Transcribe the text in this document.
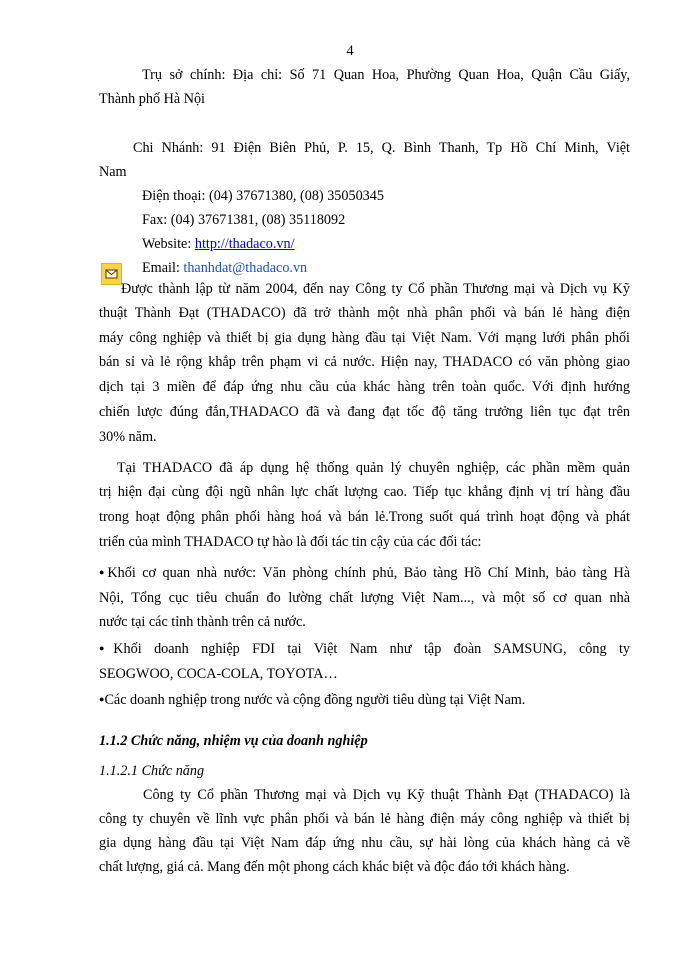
4
Trụ sở chính: Địa chỉ: Số 71 Quan Hoa, Phường Quan Hoa, Quận Cầu Giấy,
Thành phố Hà Nội
Chi Nhánh: 91 Điện Biên Phủ, P. 15, Q. Bình Thanh, Tp Hồ Chí Minh, Việt
Nam
Điện thoại: (04) 37671380, (08) 35050345
Fax: (04) 37671381, (08) 35118092
Website: http://thadaco.vn/
Email: thanhdat@thadaco.vn
Được thành lập từ năm 2004, đến nay Công ty Cổ phần Thương mại và Dịch vụ Kỹ
thuật Thành Đạt (THADACO) đã trở thành một nhà phân phối và bán lẻ hàng điện
máy công nghiệp và thiết bị gia dụng hàng đầu tại Việt Nam. Với mạng lưới phân phối
bán sỉ và lẻ rộng khắp trên phạm vi cả nước. Hiện nay, THADACO có văn phòng giao
dịch tại 3 miền để đáp ứng nhu cầu của khác hàng trên toàn quốc. Với định hướng
chiến lược đúng đắn,THADACO đã và đang đạt tốc độ tăng trưởng liên tục đạt trên
30% năm.
Tại THADACO đã áp dụng hệ thống quản lý chuyên nghiệp, các phần mềm quản
trị hiện đại cùng đội ngũ nhân lực chất lượng cao. Tiếp tục khẳng định vị trí hàng đầu
trong hoạt động phân phối hàng hoá và bán lẻ.Trong suốt quá trình hoạt động và phát
triển của mình THADACO tự hào là đối tác tin cậy của các đối tác:
●Khối cơ quan nhà nước: Văn phòng chính phủ, Bảo tàng Hồ Chí Minh, bảo tàng Hà
Nội, Tổng cục tiêu chuẩn đo lường chất lượng Việt Nam..., và một số cơ quan nhà
nước tại các tỉnh thành trên cả nước.
●Khối doanh nghiệp FDI tại Việt Nam như tập đoàn SAMSUNG, công ty
SEOGWOO, COCA-COLA, TOYOTA…
●Các doanh nghiệp trong nước và cộng đồng người tiêu dùng tại Việt Nam.
1.1.2 Chức năng, nhiệm vụ của doanh nghiệp
1.1.2.1 Chức năng
Công ty Cổ phần Thương mại và Dịch vụ Kỹ thuật Thành Đạt (THADACO) là
công ty chuyên về lĩnh vực phân phối và bán lẻ hàng điện máy công nghiệp và thiết bị
gia dụng hàng đầu tại Việt Nam đáp ứng nhu cầu, sự hài lòng của khách hàng cả về
chất lượng, giá cả. Mang đến một phong cách khác biệt và độc đáo tới khách hàng.
